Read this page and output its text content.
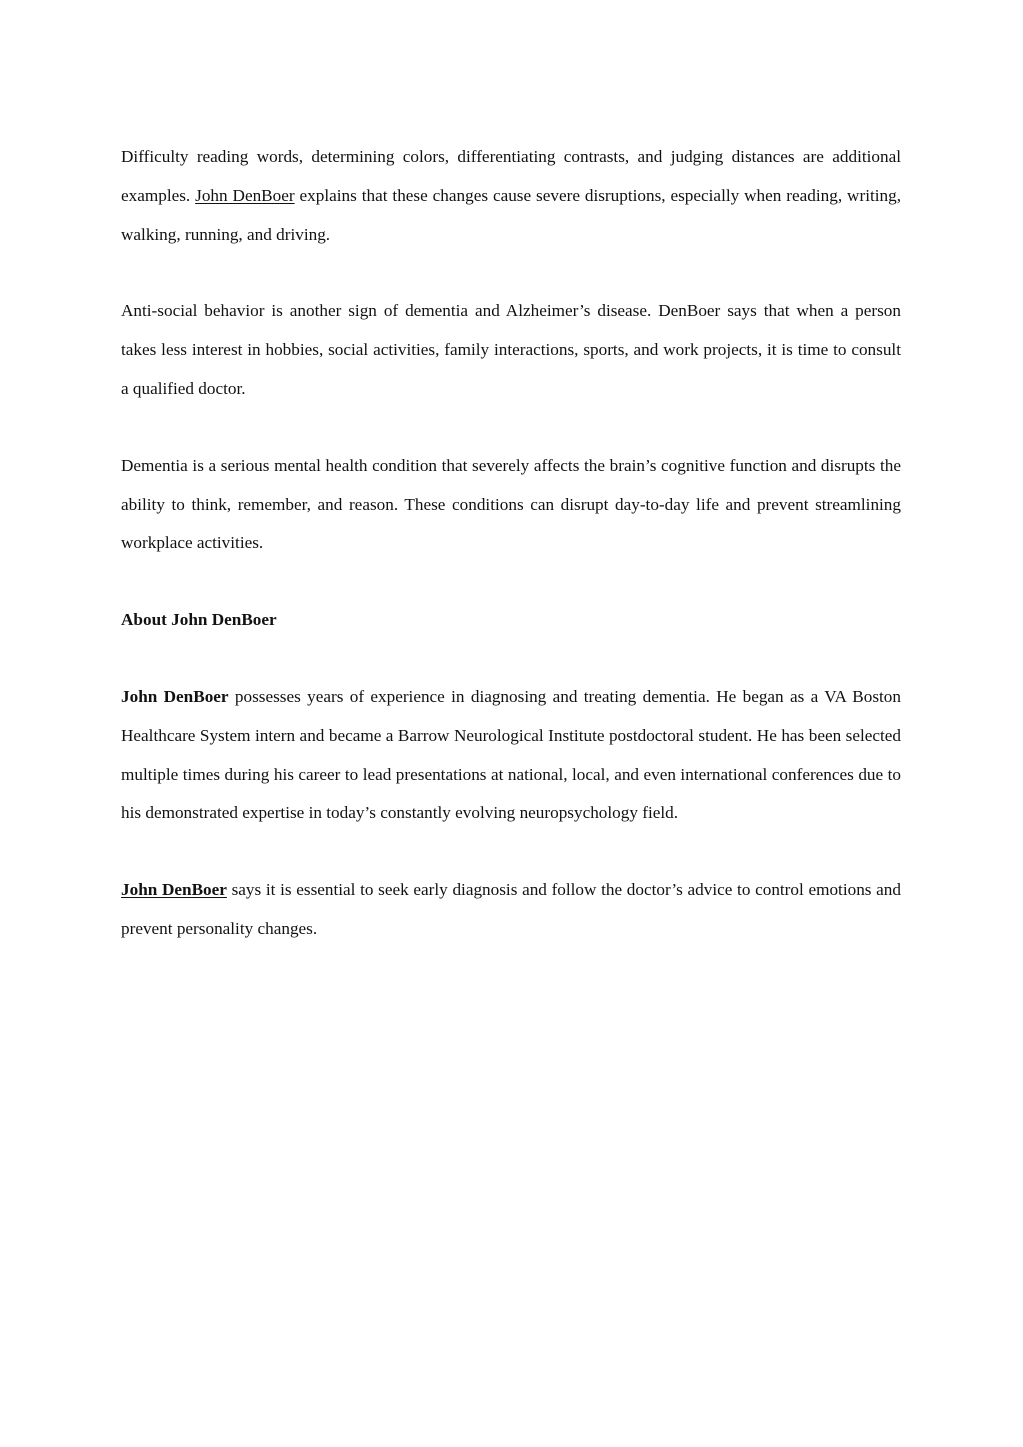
Difficulty reading words, determining colors, differentiating contrasts, and judging distances are additional examples. John DenBoer explains that these changes cause severe disruptions, especially when reading, writing, walking, running, and driving.

Anti-social behavior is another sign of dementia and Alzheimer’s disease. DenBoer says that when a person takes less interest in hobbies, social activities, family interactions, sports, and work projects, it is time to consult a qualified doctor.

Dementia is a serious mental health condition that severely affects the brain’s cognitive function and disrupts the ability to think, remember, and reason. These conditions can disrupt day-to-day life and prevent streamlining workplace activities.

About John DenBoer

John DenBoer possesses years of experience in diagnosing and treating dementia. He began as a VA Boston Healthcare System intern and became a Barrow Neurological Institute postdoctoral student. He has been selected multiple times during his career to lead presentations at national, local, and even international conferences due to his demonstrated expertise in today’s constantly evolving neuropsychology field.

John DenBoer says it is essential to seek early diagnosis and follow the doctor’s advice to control emotions and prevent personality changes.
